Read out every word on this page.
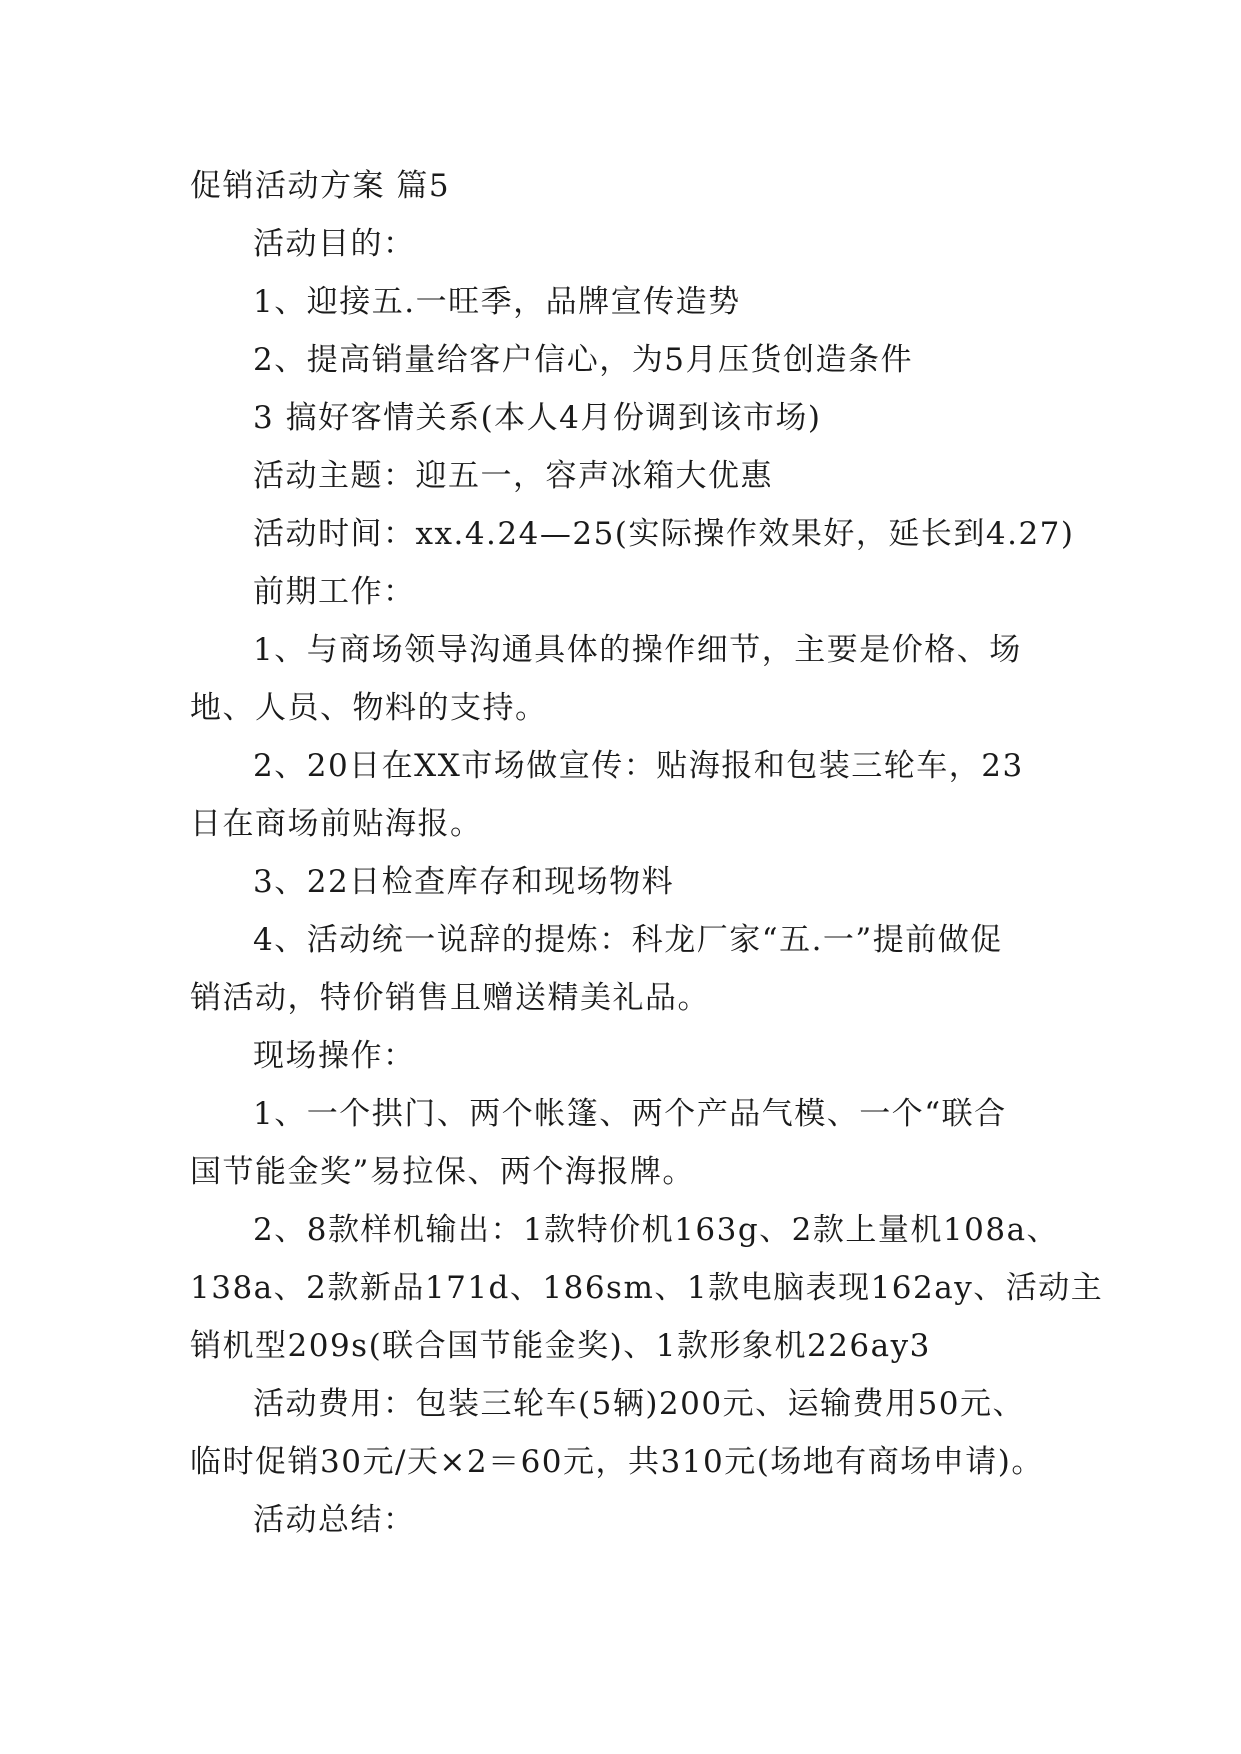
促销活动方案 篇5
活动目的：
1、迎接五.一旺季，品牌宣传造势
2、提高销量给客户信心，为5月压货创造条件
3 搞好客情关系(本人4月份调到该市场)
活动主题：迎五一，容声冰箱大优惠
活动时间：xx.4.24—25(实际操作效果好，延长到4.27)
前期工作：
1、与商场领导沟通具体的操作细节，主要是价格、场
地、人员、物料的支持。
2、20日在XX市场做宣传：贴海报和包装三轮车，23
日在商场前贴海报。
3、22日检查库存和现场物料
4、活动统一说辞的提炼：科龙厂家“五.一”提前做促
销活动，特价销售且赠送精美礼品。
现场操作：
1、一个拱门、两个帐篷、两个产品气模、一个“联合
国节能金奖”易拉保、两个海报牌。
2、8款样机输出：1款特价机163g、2款上量机108a、
138a、2款新品171d、186sm、1款电脑表现162ay、活动主
销机型209s(联合国节能金奖)、1款形象机226ay3
活动费用：包装三轮车(5辆)200元、运输费用50元、
临时促销30元/天×2＝60元，共310元(场地有商场申请)。
活动总结：
